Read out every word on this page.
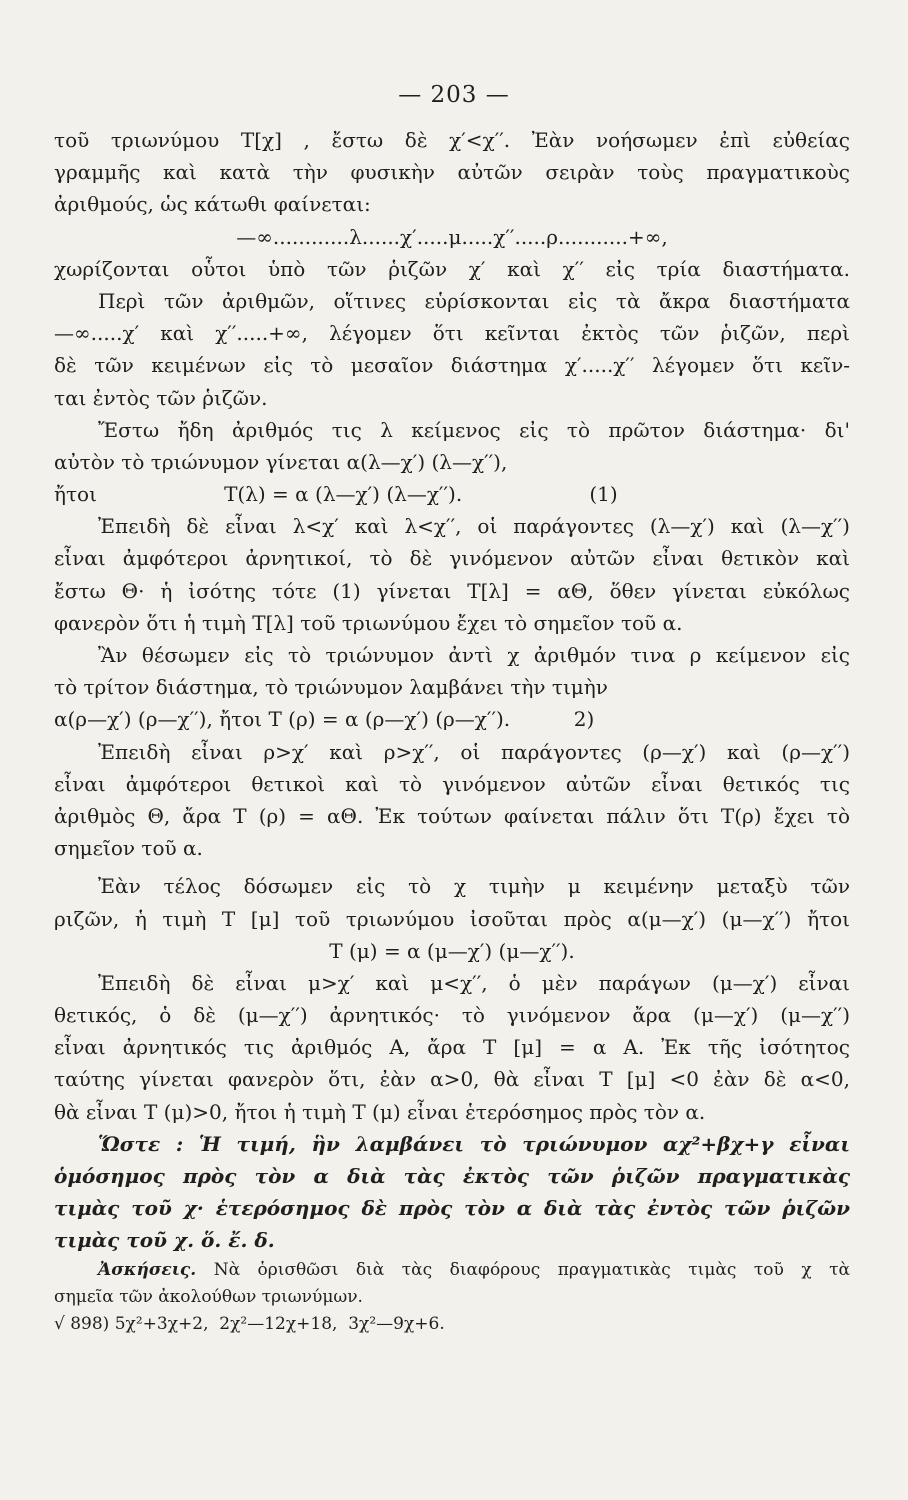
— 203 —
τοῦ τριωνύμου Τ[χ] , ἔστω δὲ χ′<χ′′. Ἐὰν νοήσωμεν ἐπὶ εὐθείας
γραμμῆς καὶ κατὰ τὴν φυσικὴν αὐτῶν σειρὰν τοὺς πραγματικοὺς
ἀριθμούς, ὡς κάτωθι φαίνεται:
—∞............λ......χ′.....μ.....χ′′.....ρ...........+∞,
χωρίζονται οὗτοι ὑπὸ τῶν ῥιζῶν χ′ καὶ χ′′ εἰς τρία διαστήματα.
Περὶ τῶν ἀριθμῶν, οἵτινες εὑρίσκονται εἰς τὰ ἄκρα διαστήματα
—∞.....χ′ καὶ χ′′.....+∞, λέγομεν ὅτι κεῖνται ἐκτὸς τῶν ῥιζῶν, περὶ
δὲ τῶν κειμένων εἰς τὸ μεσαῖον διάστημα χ′.....χ′′ λέγομεν ὅτι κεῖν-
ται ἐντὸς τῶν ῥιζῶν.
Ἔστω ἤδη ἀριθμός τις λ κείμενος εἰς τὸ πρῶτον διάστημα· δι'
αὐτὸν τὸ τριώνυμον γίνεται α(λ—χ′) (λ—χ′′),
ἤτοι                    Τ(λ) = α (λ—χ′) (λ—χ′′).                    (1)
Ἐπειδὴ δὲ εἶναι λ<χ′ καὶ λ<χ′′, οἱ παράγοντες (λ—χ′) καὶ (λ—χ′′)
εἶναι ἀμφότεροι ἀρνητικοί, τὸ δὲ γινόμενον αὐτῶν εἶναι θετικὸν καὶ
ἔστω Θ· ἡ ἰσότης τότε (1) γίνεται Τ[λ] = αΘ, ὅθεν γίνεται εὐκόλως
φανερὸν ὅτι ἡ τιμὴ Τ[λ] τοῦ τριωνύμου ἔχει τὸ σημεῖον τοῦ α.
Ἂν θέσωμεν εἰς τὸ τριώνυμον ἀντὶ χ ἀριθμόν τινα ρ κείμενον εἰς
τὸ τρίτον διάστημα, τὸ τριώνυμον λαμβάνει τὴν τιμὴν
α(ρ—χ′) (ρ—χ′′), ἤτοι Τ (ρ) = α (ρ—χ′) (ρ—χ′′).          2)
Ἐπειδὴ εἶναι ρ>χ′ καὶ ρ>χ′′, οἱ παράγοντες (ρ—χ′) καὶ (ρ—χ′′)
εἶναι ἀμφότεροι θετικοὶ καὶ τὸ γινόμενον αὐτῶν εἶναι θετικός τις
ἀριθμὸς Θ, ἄρα Τ (ρ) = αΘ. Ἐκ τούτων φαίνεται πάλιν ὅτι Τ(ρ) ἔχει τὸ
σημεῖον τοῦ α.
Ἐὰν τέλος δόσωμεν εἰς τὸ χ τιμὴν μ κειμένην μεταξὺ τῶν
ριζῶν, ἡ τιμὴ Τ [μ] τοῦ τριωνύμου ἰσοῦται πρὸς α(μ—χ′) (μ—χ′′) ἤτοι
Τ (μ) = α (μ—χ′) (μ—χ′′).
Ἐπειδὴ δὲ εἶναι μ>χ′ καὶ μ<χ′′, ὁ μὲν παράγων (μ—χ′) εἶναι
θετικός, ὁ δὲ (μ—χ′′) ἀρνητικός· τὸ γινόμενον ἄρα (μ—χ′) (μ—χ′′)
εἶναι ἀρνητικός τις ἀριθμός Α, ἄρα Τ [μ] = α Α. Ἐκ τῆς ἰσότητος
ταύτης γίνεται φανερὸν ὅτι, ἐὰν α>0, θὰ εἶναι Τ [μ] <0 ἐὰν δὲ α<0,
θὰ εἶναι Τ (μ)>0, ἤτοι ἡ τιμὴ Τ (μ) εἶναι ἑτερόσημος πρὸς τὸν α.
Ὥστε : Ἡ τιμή, ἣν λαμβάνει τὸ τριώνυμον αχ²+βχ+γ εἶναι
ὁμόσημος πρὸς τὸν α διὰ τὰς ἐκτὸς τῶν ῥιζῶν πραγματικὰς
τιμὰς τοῦ χ· ἑτερόσημος δὲ πρὸς τὸν α διὰ τὰς ἐντὸς τῶν ῥιζῶν
τιμὰς τοῦ χ. ὅ. ἔ. δ.
Ἀσκήσεις. Νὰ ὁρισθῶσι διὰ τὰς διαφόρους πραγματικὰς τιμὰς τοῦ χ τὰ
σημεῖα τῶν ἀκολούθων τριωνύμων.
√ 898) 5χ²+3χ+2,  2χ²—12χ+18,  3χ²—9χ+6.
